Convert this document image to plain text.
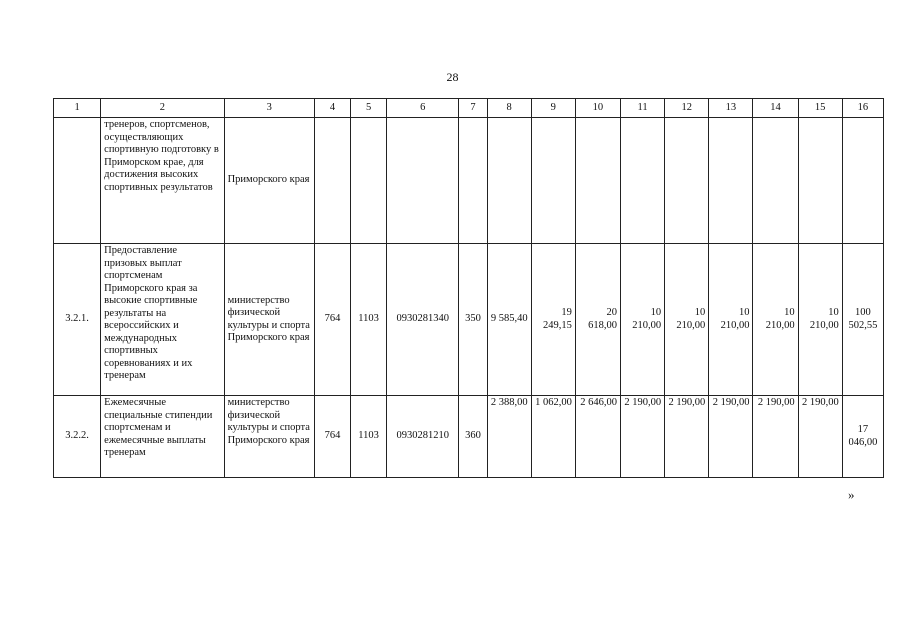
28
1	2	3	4	5	6	7	8	9	10	11	12	13	14	15	16
	тренеров, спортсменов, осуществляющих спортивную подготовку в Приморском крае, для достижения высоких спортивных результатов	Приморского края													
3.2.1.	Предоставление призовых выплат спортсменам Приморского края за высокие спортивные результаты на всероссийских и международных спортивных соревнованиях и их тренерам	министерство физической культуры и спорта Приморского края	764	1103	0930281340	350	9 585,40	19 249,15	20 618,00	10 210,00	10 210,00	10 210,00	10 210,00	10 210,00	100 502,55
3.2.2.	Ежемесячные специальные стипендии спортсменам и ежемесячные выплаты тренерам	министерство физической культуры и спорта Приморского края	764	1103	0930281210	360	2 388,00	1 062,00	2 646,00	2 190,00	2 190,00	2 190,00	2 190,00	2 190,00	17 046,00
»
